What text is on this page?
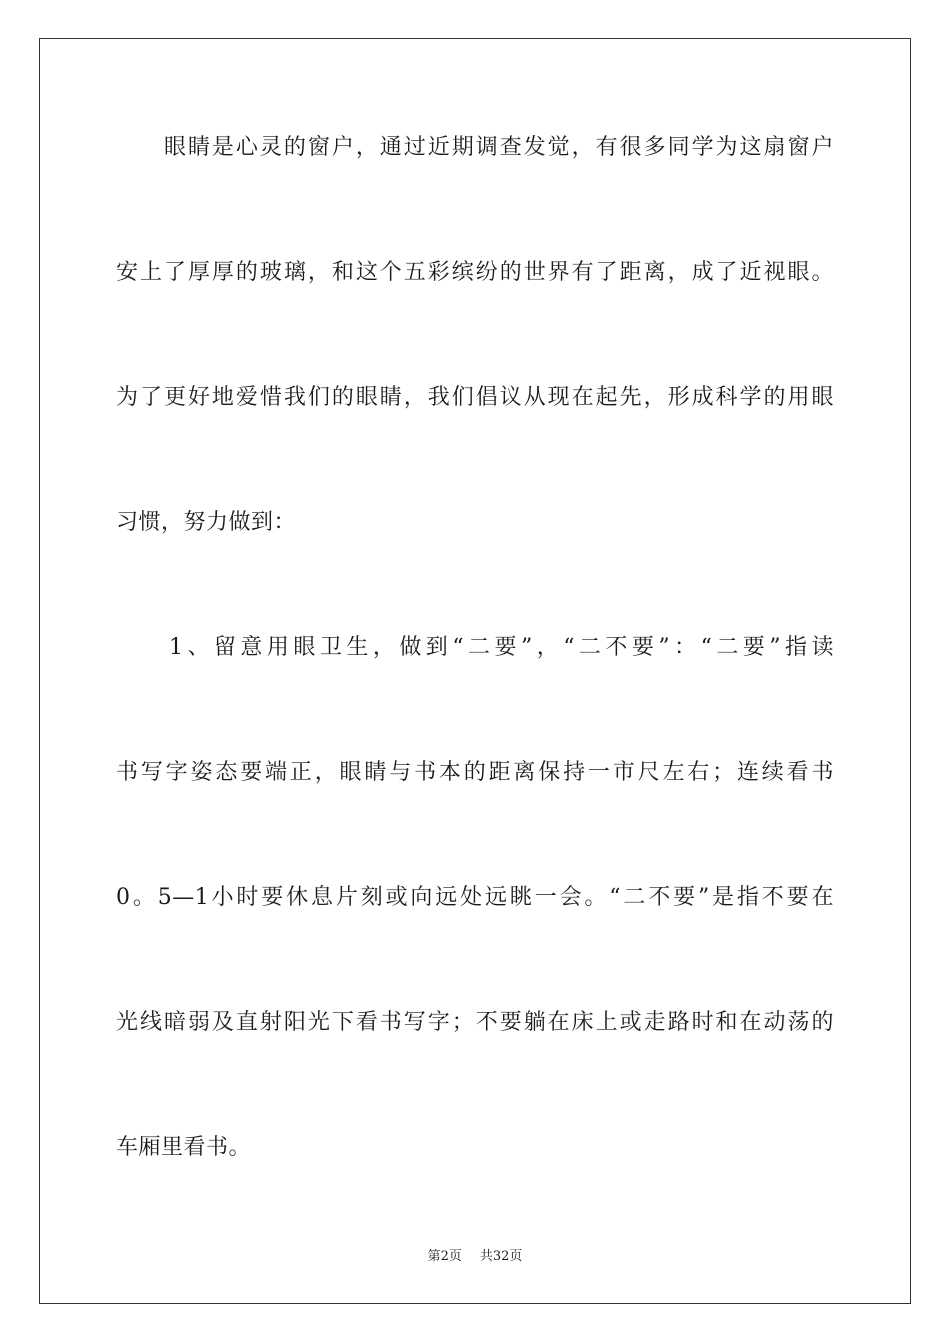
　　眼睛是心灵的窗户，通过近期调查发觉，有很多同学为这扇窗户
安上了厚厚的玻璃，和这个五彩缤纷的世界有了距离，成了近视眼。
为了更好地爱惜我们的眼睛，我们倡议从现在起先，形成科学的用眼
习惯，努力做到：
　　1、留意用眼卫生，做到“二要”，“二不要”：“二要”指读
书写字姿态要端正，眼睛与书本的距离保持一市尺左右；连续看书
0。5—1小时要休息片刻或向远处远眺一会。“二不要”是指不要在
光线暗弱及直射阳光下看书写字；不要躺在床上或走路时和在动荡的
车厢里看书。
第2页 共32页
